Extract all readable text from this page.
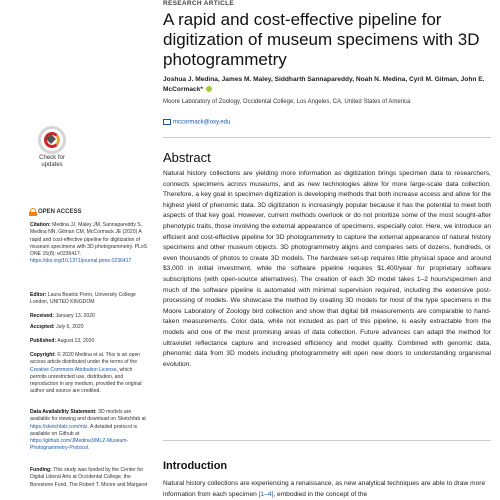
RESEARCH ARTICLE
A rapid and cost-effective pipeline for digitization of museum specimens with 3D photogrammetry
Joshua J. Medina, James M. Maley, Siddharth Sannapareddy, Noah N. Medina, Cyril M. Gilman, John E. McCormack*
Moore Laboratory of Zoology, Occidental College, Los Angeles, CA, United States of America
mccormack@oxy.edu
Check for updates
OPEN ACCESS
Citation: Medina JJ, Maley JM, Sannapareddy S, Medina NN, Gilman CM, McCormack JE (2020) A rapid and cost-effective pipeline for digitization of museum specimens with 3D photogrammetry. PLoS ONE 15(8): e0236417. https://doi.org/10.1371/journal.pone.0236417
Editor: Laura Beatriz Porro, University College London, UNITED KINGDOM
Received: January 13, 2020
Accepted: July 6, 2020
Published: August 13, 2020
Copyright: © 2020 Medina et al. This is an open access article distributed under the terms of the Creative Commons Attribution License, which permits unrestricted use, distribution, and reproduction in any medium, provided the original author and source are credited.
Data Availability Statement: 3D models are available for viewing and download on Sketchfab at https://sketchfab.com/mlz. A detailed protocol is available on Github at https://github.com/JMedina3/MLZ-Museum-Photogrammetry-Protocol.
Funding: This study was funded by the Center for Digital Liberal Arts at Occidental College, the Borestone Fund, The Robert T. Moore and Margaret
Abstract

Natural history collections are yielding more information as digitization brings specimen data to researchers, connects specimens across museums, and as new technologies allow for more large-scale data collection. Therefore, a key goal in specimen digitization is developing methods that both increase access and allow for the highest yield of phenomic data. 3D digitization is increasingly popular because it has the potential to meet both aspects of that key goal. However, current methods overlook or do not prioritize some of the most sought-after phenotypic traits, those involving the external appearance of specimens, especially color. Here, we introduce an efficient and cost-effective pipeline for 3D photogrammetry to capture the external appearance of natural history specimens and other museum objects. 3D photogrammetry aligns and compares sets of dozens, hundreds, or even thousands of photos to create 3D models. The hardware set-up requires little physical space and around $3,000 in initial investment, while the software pipeline requires $1,400/year for proprietary software subscriptions (with open-source alternatives). The creation of each 3D model takes 1–2 hours/specimen and much of the software pipeline is automated with minimal supervision required, including the extensive post-processing of models. We showcase the method by creating 3D models for most of the type specimens in the Moore Laboratory of Zoology bird collection and show that digital bill measurements are comparable to hand-taken measurements. Color data, while not included as part of this pipeline, is easily extractable from the models and one of the most promising areas of data collection. Future advances can adapt the method for ultraviolet reflectance capture and increased efficiency and model quality. Combined with genomic data, phenomic data from 3D models including photogrammetry will open new doors to understanding organismal evolution.

Introduction

Natural history collections are experiencing a renaissance, as new analytical techniques are able to draw more information from each specimen [1–4], embodied in the concept of the
